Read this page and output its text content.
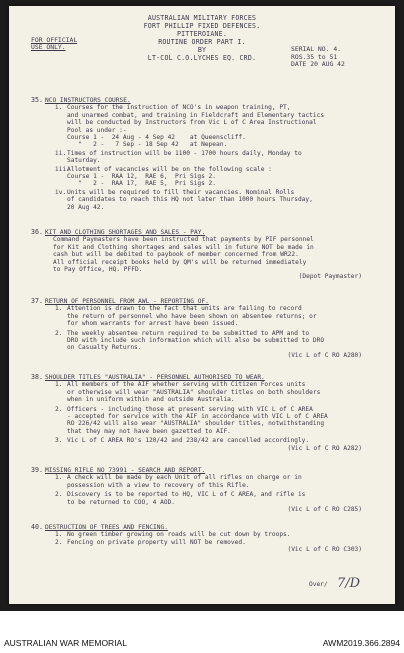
AUSTRALIAN MILITARY FORCES
FORT PHILLIP FIXED DEFENCES.
PITTEROIANE.
ROUTINE ORDER PART I.
BY
LT-COL C.O.LYCHES EQ. CRD.
FOR OFFICIAL
USE ONLY.	SERIAL NO. 4.
ROS.35 to 51
DATE 20 AUG 42
35. NCO INSTRUCTORS COURSE.
i. Courses for the instruction of NCO's in weapon training, PT,
and unarmed combat, and training in Fieldcraft and Elementary tactics
will be conducted by Instructors from Vic L of C Area Instructional
Pool as under :-
Course 1 -  24 Aug - 4 Sep 42    at Queenscliff.
"   2 -   7 Sep - 18 Sep 42   at Nepean.
ii. Times of instruction will be 1100 - 1700 hours daily, Monday to
Saturday.
iii.
Allotment of vacancies will be on the following scale :
Course 1 -  RAA 12,  RAE 6,  Pri Sigs 2.
"   2 -  RAA 17,  RAE 5,  Pri Sigs 2.
iv. Units will be required to fill their vacancies. Nominal Rolls
of candidates to reach this HQ not later than 1000 hours Thursday,
20 Aug 42.
36. KIT AND CLOTHING SHORTAGES AND SALES - PAY.
Command Paymasters have been instructed that payments by PIF personnel
for Kit and Clothing shortages and sales will in future NOT be made in
cash but will be debited to paybook of member concerned from WR22.
All official receipt books held by QM's will be returned immediately
to Pay Office, HQ. PFFD.
(Depot Paymaster)
37. RETURN OF PERSONNEL FROM AWL - REPORTING OF.
1. Attention is drawn to the fact that units are failing to record
the return of personnel who have been shown on absentee returns; or
for whom warrants for arrest have been issued.
2. The weekly absentee return required to be submitted to APM and to
DRO with include such information which will also be submitted to DRO
on Casualty Returns.
(Vic L of C RO A280)
38. SHOULDER TITLES "AUSTRALIA" - PERSONNEL AUTHORISED TO WEAR.
1. All members of the AIF whether serving with Citizen Forces units
or otherwise will wear "AUSTRALIA" shoulder titles on both shoulders
when in uniform within and outside Australia.
2. Officers - including those at present serving with VIC L of C AREA
- accepted for service with the AIF in accordance with VIC L of C AREA
RO 226/42 will also wear "AUSTRALIA" shoulder titles, notwithstanding
that they may not have been gazetted to AIF.
3. Vic L of C AREA RO's 120/42 and 238/42 are cancelled accordingly.
(Vic L of C RO A282)
39. MISSING RIFLE NO 73991 - SEARCH AND REPORT.
1. A check will be made by each Unit of all rifles on charge or in
possession with a view to recovery of this Rifle.
2. Discovery is to be reported to HQ, VIC L of C AREA, and rifle is
to be returned to COO, 4 AOD.
(Vic L of C RO C285)
40. DESTRUCTION OF TREES AND FENCING.
1. No green timber growing on roads will be cut down by troops.
2. Fencing on private property will NOT be removed.
(Vic L of C RO C303)
Over/ 7/D
AUSTRALIAN WAR MEMORIAL	AWM2019.366.2894
